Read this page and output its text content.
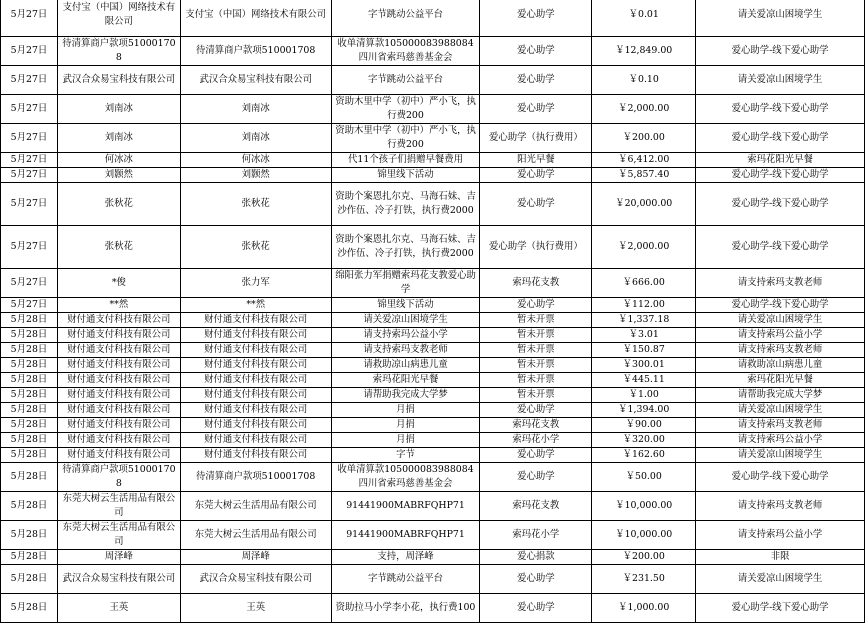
5月27日	支付宝（中国）网络技术有限公司	支付宝（中国）网络技术有限公司	字节跳动公益平台	爱心助学	￥0.01	请关爱凉山困境学生
5月27日	待清算商户款项510001708	待清算商户款项510001708	收单清算款105000083988084四川省索玛慈善基金会	爱心助学	￥12,849.00	爱心助学-线下爱心助学
5月27日	武汉合众易宝科技有限公司	武汉合众易宝科技有限公司	字节跳动公益平台	爱心助学	￥0.10	请关爱凉山困境学生
5月27日	刘南冰	刘南冰	资助木里中学（初中）严小飞，执行费200	爱心助学	￥2,000.00	爱心助学-线下爱心助学
5月27日	刘南冰	刘南冰	资助木里中学（初中）严小飞，执行费200	爱心助学（执行费用）	￥200.00	爱心助学-线下爱心助学
5月27日	何冰冰	何冰冰	代11个孩子们捐赠早餐费用	阳光早餐	￥6,412.00	索玛花阳光早餐
5月27日	刘颢然	刘颢然	锦里线下活动	爱心助学	￥5,857.40	爱心助学-线下爱心助学
5月27日	张秋花	张秋花	资助个案恩扎尔克、马海石妹、吉沙作伍、冷子打铁，执行费2000	爱心助学	￥20,000.00	爱心助学-线下爱心助学
5月27日	张秋花	张秋花	资助个案恩扎尔克、马海石妹、吉沙作伍、冷子打铁，执行费2000	爱心助学（执行费用）	￥2,000.00	爱心助学-线下爱心助学
5月27日	*俊	张力军	绵阳张力军捐赠索玛花支教爱心助学	索玛花支教	￥666.00	请支持索玛支教老师
5月27日	**然	**然	锦里线下活动	爱心助学	￥112.00	爱心助学-线下爱心助学
5月28日	财付通支付科技有限公司	财付通支付科技有限公司	请关爱凉山困境学生	暂未开票	￥1,337.18	请关爱凉山困境学生
5月28日	财付通支付科技有限公司	财付通支付科技有限公司	请支持索玛公益小学	暂未开票	￥3.01	请支持索玛公益小学
5月28日	财付通支付科技有限公司	财付通支付科技有限公司	请支持索玛支教老师	暂未开票	￥150.87	请支持索玛支教老师
5月28日	财付通支付科技有限公司	财付通支付科技有限公司	请救助凉山病患儿童	暂未开票	￥300.01	请救助凉山病患儿童
5月28日	财付通支付科技有限公司	财付通支付科技有限公司	索玛花阳光早餐	暂未开票	￥445.11	索玛花阳光早餐
5月28日	财付通支付科技有限公司	财付通支付科技有限公司	请帮助我完成大学梦	暂未开票	￥1.00	请帮助我完成大学梦
5月28日	财付通支付科技有限公司	财付通支付科技有限公司	月捐	爱心助学	￥1,394.00	请关爱凉山困境学生
5月28日	财付通支付科技有限公司	财付通支付科技有限公司	月捐	索玛花支教	￥90.00	请支持索玛支教老师
5月28日	财付通支付科技有限公司	财付通支付科技有限公司	月捐	索玛花小学	￥320.00	请支持索玛公益小学
5月28日	财付通支付科技有限公司	财付通支付科技有限公司	字节	爱心助学	￥162.60	请关爱凉山困境学生
5月28日	待清算商户款项510001708	待清算商户款项510001708	收单清算款105000083988084四川省索玛慈善基金会	爱心助学	￥50.00	爱心助学-线下爱心助学
5月28日	东莞大树云生活用品有限公司	东莞大树云生活用品有限公司	91441900MABRFQHP71	索玛花支教	￥10,000.00	请支持索玛支教老师
5月28日	东莞大树云生活用品有限公司	东莞大树云生活用品有限公司	91441900MABRFQHP71	索玛花小学	￥10,000.00	请支持索玛公益小学
5月28日	周泽峰	周泽峰	支持，周泽峰	爱心捐款	￥200.00	非限
5月28日	武汉合众易宝科技有限公司	武汉合众易宝科技有限公司	字节跳动公益平台	爱心助学	￥231.50	请关爱凉山困境学生
5月28日	王英	王英	资助拉马小学李小花，执行费100	爱心助学	￥1,000.00	爱心助学-线下爱心助学
